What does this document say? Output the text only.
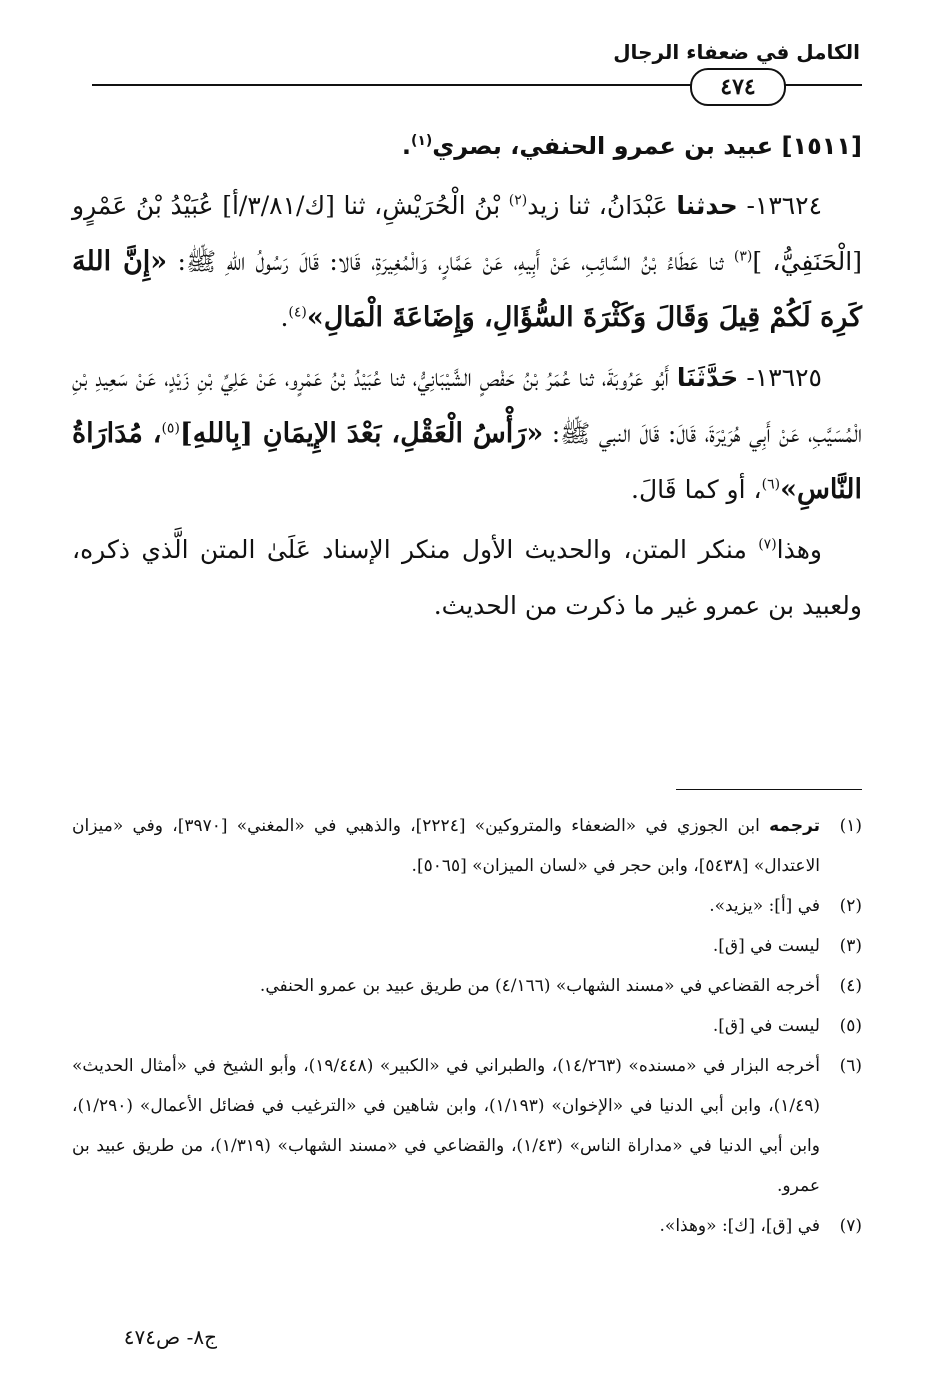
الكامل في ضعفاء الرجال
٤٧٤

[١٥١١] عبيد بن عمرو الحنفي، بصري$^{(١)}$.

١٣٦٢٤- حدثنا عَبْدَانُ، ثنا زيد$^{(٢)}$ بْنُ الْحُرَيْشِ، ثنا [ك/٣/٨١/أ] عُبَيْدُ بْنُ عَمْرٍو [الْحَنَفِيُّ، ]$^{(٣)}$ ثنا عَطَاءُ بْنُ السَّائِبِ، عَنْ أَبِيهِ، عَنْ عَمَّارٍ، وَالْمُغِيرَةِ، قَالا: قَالَ رَسُولُ اللهِ ﷺ: «إِنَّ اللهَ كَرِهَ لَكُمْ قِيلَ وَقَالَ وَكَثْرَةَ السُّؤَالِ، وَإِضَاعَةَ الْمَالِ»$^{(٤)}$.

١٣٦٢٥- حَدَّثَنَا أَبُو عَرُوبَةَ، ثنا عُمَرُ بْنُ حَفْصٍ الشَّيْبَانِيُّ، ثنا عُبَيْدُ بْنُ عَمْرٍو، عَنْ عَلِيِّ بْنِ زَيْدٍ، عَنْ سَعِيدِ بْنِ الْمُسَيَّبِ، عَنْ أَبِي هُرَيْرَةَ، قَالَ: قَالَ النبي ﷺ: «رَأْسُ الْعَقْلِ، بَعْدَ الإِيمَانِ [بِاللهِ]$^{(٥)}$، مُدَارَاةُ النَّاسِ»$^{(٦)}$، أو كما قَالَ.

وهذا$^{(٧)}$ منكر المتن، والحديث الأول منكر الإسناد عَلَىٰ المتن الَّذي ذكره، ولعبيد بن عمرو غير ما ذكرت من الحديث.

(١)
ترجمه ابن الجوزي في «الضعفاء والمتروكين» [٢٢٢٤]، والذهبي في «المغني» [٣٩٧٠]، وفي «ميزان الاعتدال» [٥٤٣٨]، وابن حجر في «لسان الميزان» [٥٠٦٥].
(٢)
في [أ]: «يزيد».
(٣)
ليست في [ق].
(٤)
أخرجه القضاعي في «مسند الشهاب» (٤/١٦٦) من طريق عبيد بن عمرو الحنفي.
(٥)
ليست في [ق].
(٦)
أخرجه البزار في «مسنده» (١٤/٢٦٣)، والطبراني في «الكبير» (١٩/٤٤٨)، وأبو الشيخ في «أمثال الحديث» (١/٤٩)، وابن أبي الدنيا في «الإخوان» (١/١٩٣)، وابن شاهين في «الترغيب في فضائل الأعمال» (١/٢٩٠)، وابن أبي الدنيا في «مداراة الناس» (١/٤٣)، والقضاعي في «مسند الشهاب» (١/٣١٩)، من طريق عبيد بن عمرو.
(٧)
في [ق]، [ك]: «وهذا».
ج٨- ص٤٧٤
